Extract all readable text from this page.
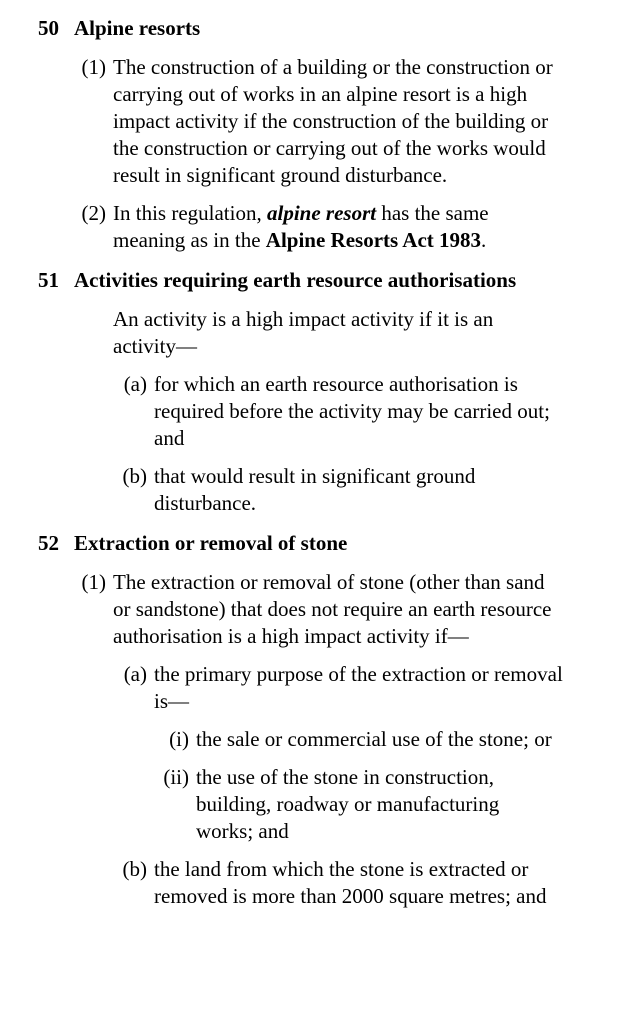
50 Alpine resorts
(1) The construction of a building or the construction or carrying out of works in an alpine resort is a high impact activity if the construction of the building or the construction or carrying out of the works would result in significant ground disturbance.
(2) In this regulation, alpine resort has the same meaning as in the Alpine Resorts Act 1983.
51 Activities requiring earth resource authorisations
An activity is a high impact activity if it is an activity—
(a) for which an earth resource authorisation is required before the activity may be carried out; and
(b) that would result in significant ground disturbance.
52 Extraction or removal of stone
(1) The extraction or removal of stone (other than sand or sandstone) that does not require an earth resource authorisation is a high impact activity if—
(a) the primary purpose of the extraction or removal is—
(i) the sale or commercial use of the stone; or
(ii) the use of the stone in construction, building, roadway or manufacturing works; and
(b) the land from which the stone is extracted or removed is more than 2000 square metres; and
